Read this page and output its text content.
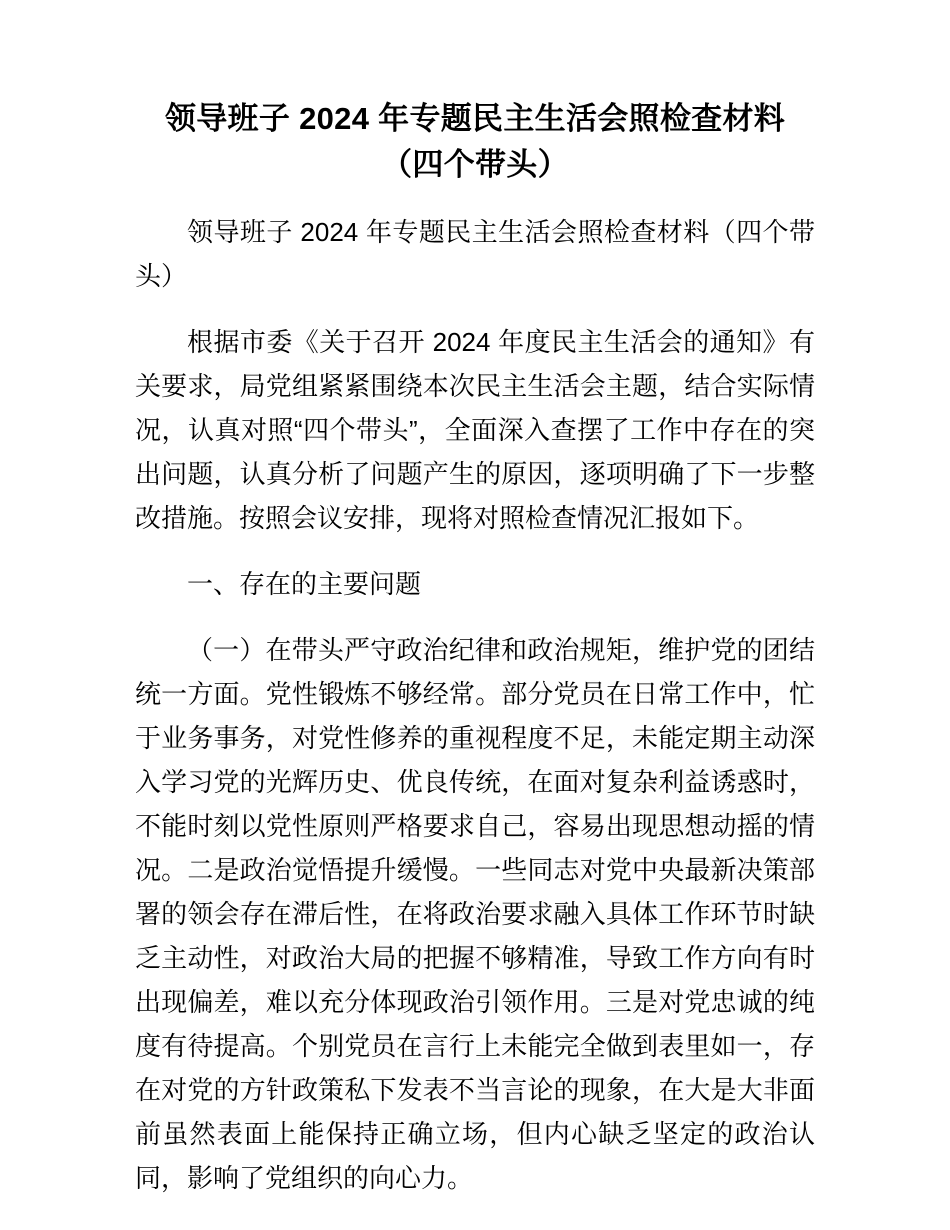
领导班子 2024 年专题民主生活会照检查材料
（四个带头）

领导班子 2024 年专题民主生活会照检查材料（四个带头）

根据市委《关于召开 2024 年度民主生活会的通知》有关要求，局党组紧紧围绕本次民主生活会主题，结合实际情况，认真对照“四个带头”，全面深入查摆了工作中存在的突出问题，认真分析了问题产生的原因，逐项明确了下一步整改措施。按照会议安排，现将对照检查情况汇报如下。

一、存在的主要问题

（一）在带头严守政治纪律和政治规矩，维护党的团结统一方面。党性锻炼不够经常。部分党员在日常工作中，忙于业务事务，对党性修养的重视程度不足，未能定期主动深入学习党的光辉历史、优良传统，在面对复杂利益诱惑时，不能时刻以党性原则严格要求自己，容易出现思想动摇的情况。二是政治觉悟提升缓慢。一些同志对党中央最新决策部署的领会存在滞后性，在将政治要求融入具体工作环节时缺乏主动性，对政治大局的把握不够精准，导致工作方向有时出现偏差，难以充分体现政治引领作用。三是对党忠诚的纯度有待提高。个别党员在言行上未能完全做到表里如一，存在对党的方针政策私下发表不当言论的现象，在大是大非面前虽然表面上能保持正确立场，但内心缺乏坚定的政治认同，影响了党组织的向心力。
